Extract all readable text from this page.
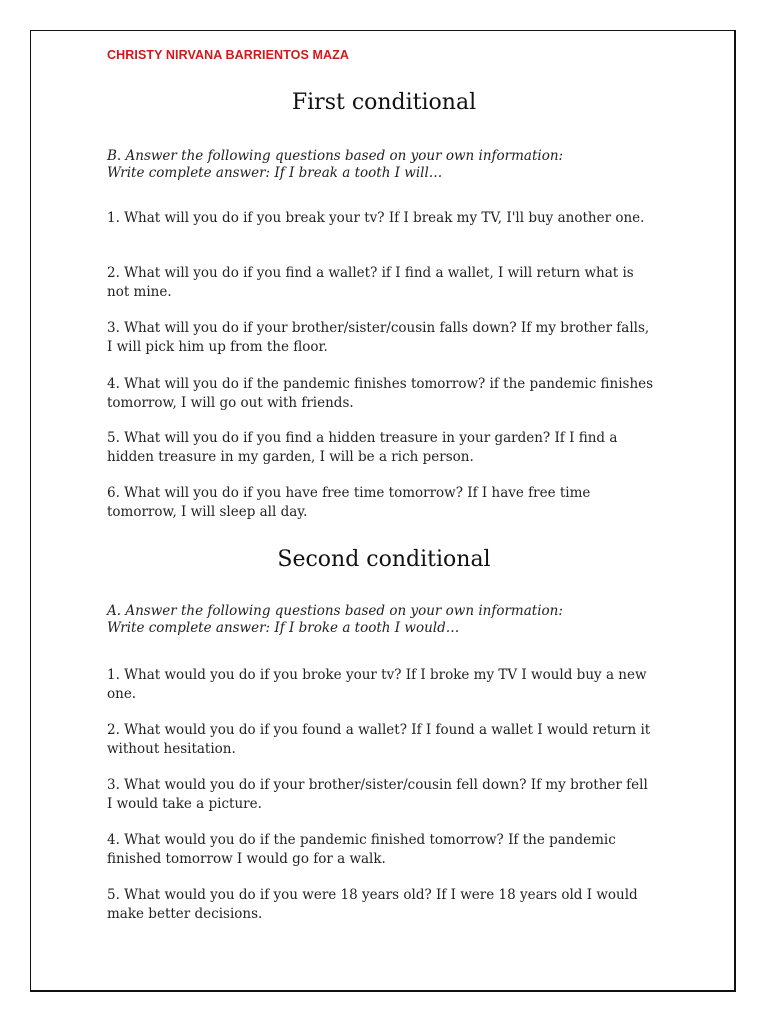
CHRISTY NIRVANA BARRIENTOS MAZA
First conditional
B. Answer the following questions based on your own information:
Write complete answer: If I break a tooth I will…
1. What will you do if you break your tv? If I break my TV, I'll buy another one.
2. What will you do if you find a wallet? if I find a wallet, I will return what is not mine.
3. What will you do if your brother/sister/cousin falls down? If my brother falls, I will pick him up from the floor.
4. What will you do if the pandemic finishes tomorrow? if the pandemic finishes tomorrow, I will go out with friends.
5. What will you do if you find a hidden treasure in your garden? If I find a hidden treasure in my garden, I will be a rich person.
6. What will you do if you have free time tomorrow? If I have free time tomorrow, I will sleep all day.
Second conditional
A. Answer the following questions based on your own information:
Write complete answer: If I broke a tooth I would…
1. What would you do if you broke your tv? If I broke my TV I would buy a new one.
2. What would you do if you found a wallet? If I found a wallet I would return it without hesitation.
3. What would you do if your brother/sister/cousin fell down? If my brother fell I would take a picture.
4. What would you do if the pandemic finished tomorrow? If the pandemic finished tomorrow I would go for a walk.
5. What would you do if you were 18 years old? If I were 18 years old I would make better decisions.
